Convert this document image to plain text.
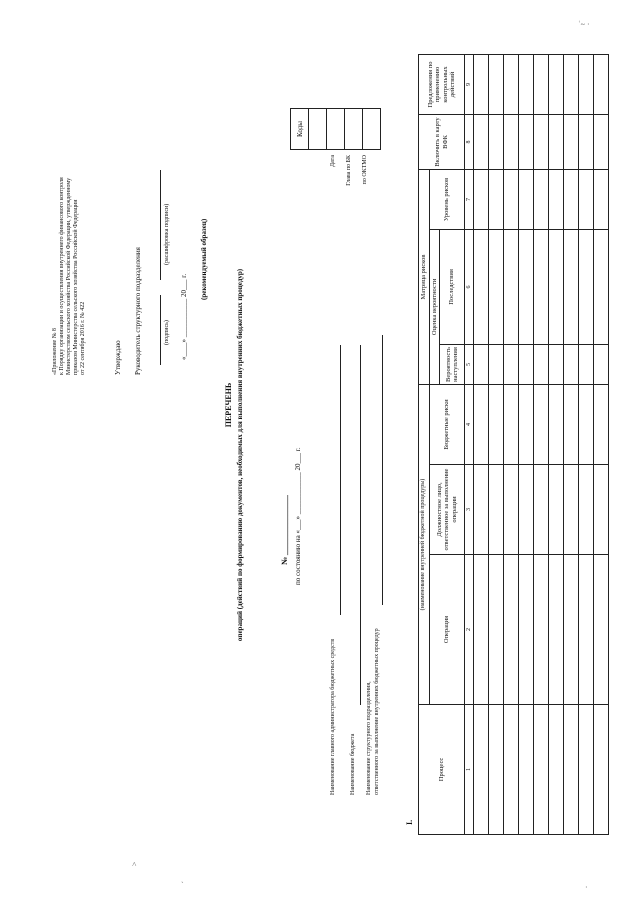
ʿ~ ·
˄
ˏ
·
«Приложение № 8 к Порядку организации и осуществления внутреннего финансового контроля Министерством сельского хозяйства Российской Федерации, утвержденному приказом Министерства сельского хозяйства Российской Федерации от 22 сентября 2016 г. № 422	Утверждаю Руководитель структурного подразделения	(подпись)
(расшифровка подписи)
«____» ___________ 20___ г.
(рекомендуемый образец)
ПЕРЕЧЕНЬ операций (действий по формированию документов, необходимых для выполнения внутренних бюджетных процедур)	№ _______________ по состоянию на «___» ____________ 20___ г.
Коды

Дата Глава по БК по ОКТМО
Наименование главного администратора бюджетных средств Наименование бюджета Наименование структурного подразделения, ответственного за выполнение внутренних бюджетных процедур
I.
Процесс	(наименование внутренней бюджетной процедуры)			Матрица рисков			Включить в карту ВФК	Предложения по применению контрольных действий
	Операция	Должностное лицо, ответственное за выполнение операции	Бюджетные риски	Оценка вероятности		Уровень рисков		
				Вероятность наступления	Последствия			
1	2	3	4	5	6	7	8	9
